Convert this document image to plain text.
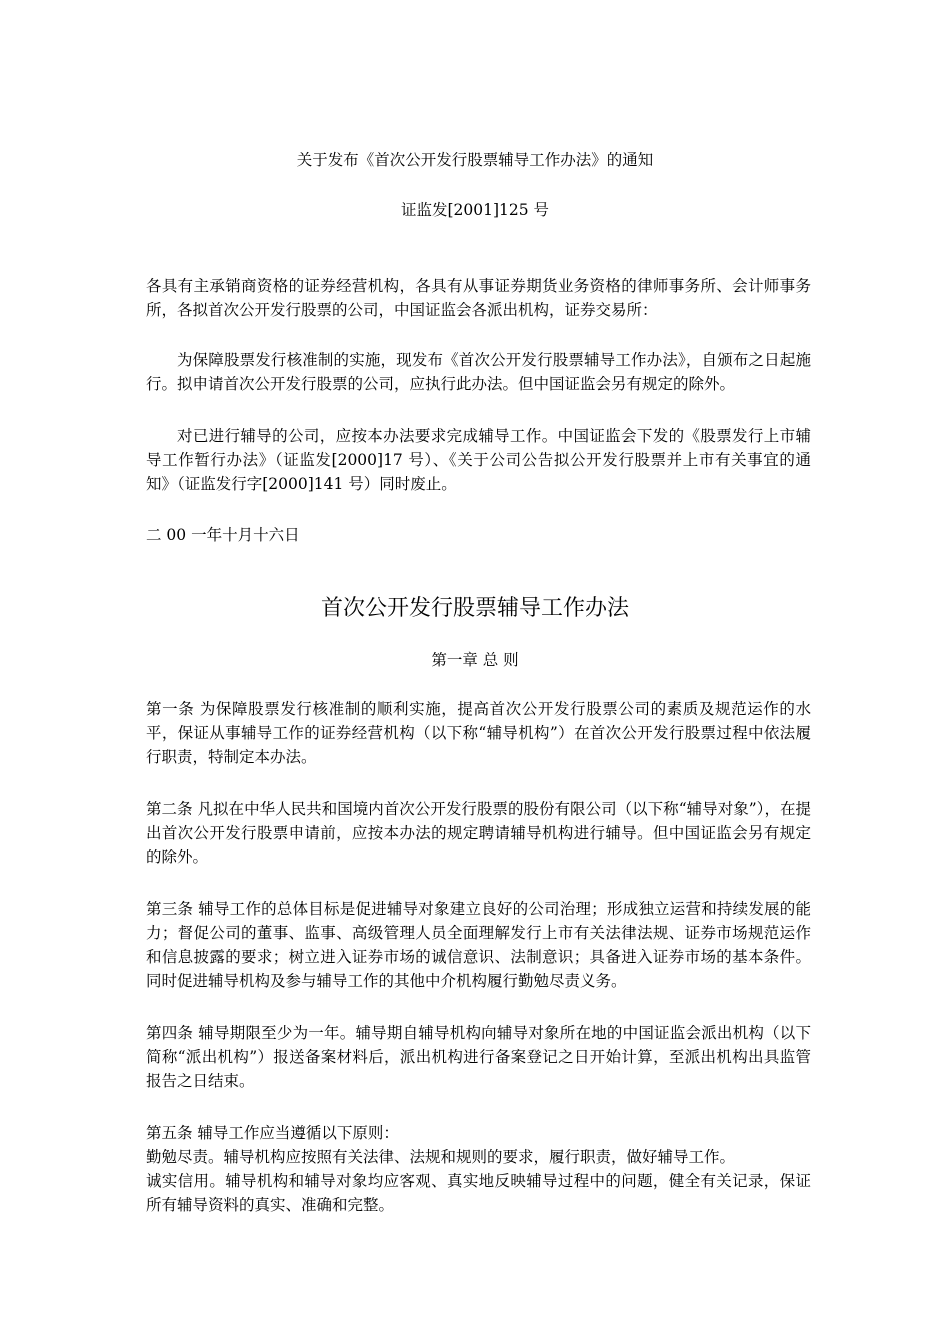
关于发布《首次公开发行股票辅导工作办法》的通知
证监发[2001]125 号

各具有主承销商资格的证券经营机构，各具有从事证券期货业务资格的律师事务所、会计师事务所，各拟首次公开发行股票的公司，中国证监会各派出机构，证券交易所：

为保障股票发行核准制的实施，现发布《首次公开发行股票辅导工作办法》，自颁布之日起施行。拟申请首次公开发行股票的公司，应执行此办法。但中国证监会另有规定的除外。

对已进行辅导的公司，应按本办法要求完成辅导工作。中国证监会下发的《股票发行上市辅导工作暂行办法》（证监发[2000]17 号）、《关于公司公告拟公开发行股票并上市有关事宜的通知》（证监发行字[2000]141 号）同时废止。

二 00 一年十月十六日

首次公开发行股票辅导工作办法
第一章 总 则

第一条 为保障股票发行核准制的顺利实施，提高首次公开发行股票公司的素质及规范运作的水平，保证从事辅导工作的证券经营机构（以下称“辅导机构”）在首次公开发行股票过程中依法履行职责，特制定本办法。

第二条 凡拟在中华人民共和国境内首次公开发行股票的股份有限公司（以下称“辅导对象”），在提出首次公开发行股票申请前，应按本办法的规定聘请辅导机构进行辅导。但中国证监会另有规定的除外。

第三条 辅导工作的总体目标是促进辅导对象建立良好的公司治理；形成独立运营和持续发展的能力；督促公司的董事、监事、高级管理人员全面理解发行上市有关法律法规、证券市场规范运作和信息披露的要求；树立进入证券市场的诚信意识、法制意识；具备进入证券市场的基本条件。同时促进辅导机构及参与辅导工作的其他中介机构履行勤勉尽责义务。

第四条 辅导期限至少为一年。辅导期自辅导机构向辅导对象所在地的中国证监会派出机构（以下简称“派出机构”）报送备案材料后，派出机构进行备案登记之日开始计算，至派出机构出具监管报告之日结束。

第五条 辅导工作应当遵循以下原则：

勤勉尽责。辅导机构应按照有关法律、法规和规则的要求，履行职责，做好辅导工作。

诚实信用。辅导机构和辅导对象均应客观、真实地反映辅导过程中的问题，健全有关记录，保证所有辅导资料的真实、准确和完整。
